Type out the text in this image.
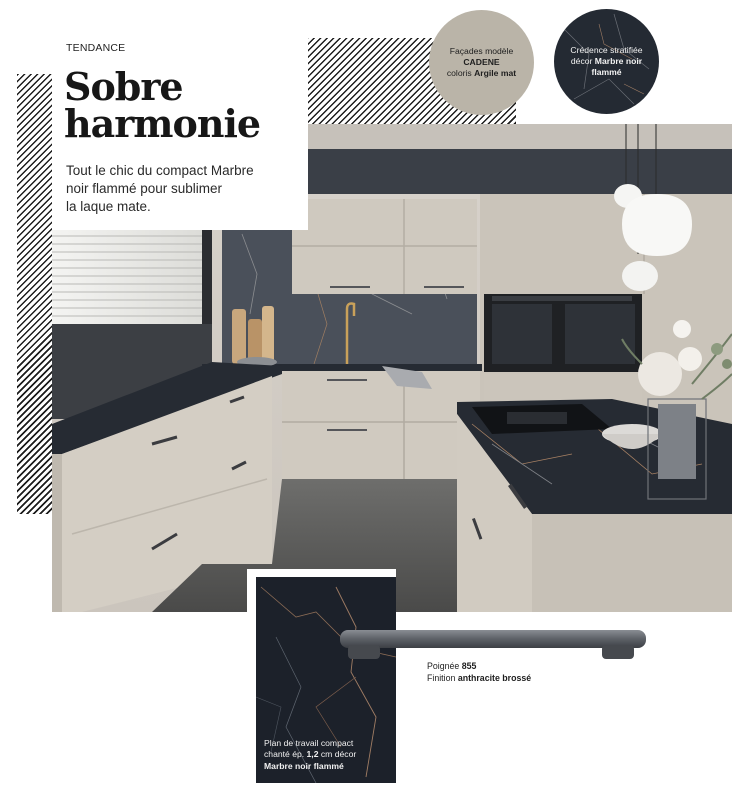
TENDANCE
Sobre
harmonie

Tout le chic du compact Marbre
noir flammé pour sublimer
la laque mate.

Façades modèle
CADENE
coloris Argile mat
Crédence stratifiée
décor Marbre noir
flammé
Plan de travail compact
chanté ép. 1,2 cm décor
Marbre noir flammé
Poignée 855
Finition anthracite brossé
